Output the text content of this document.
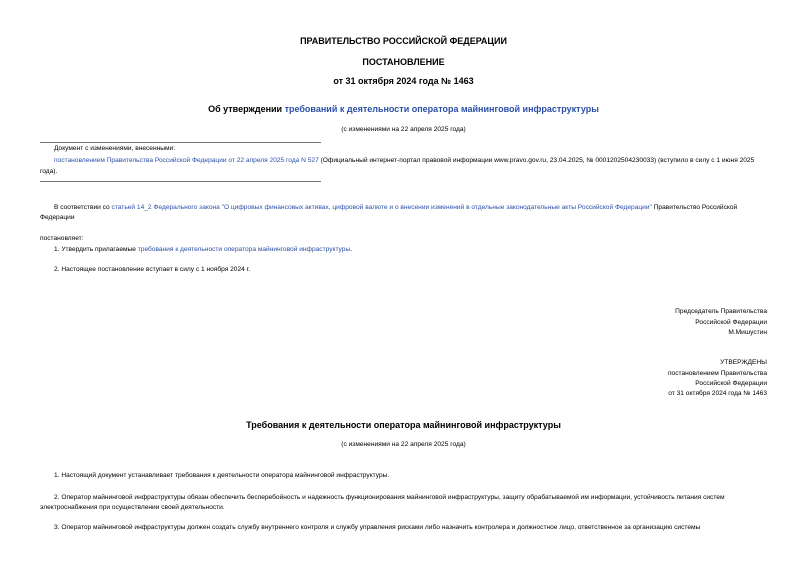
ПРАВИТЕЛЬСТВО РОССИЙСКОЙ ФЕДЕРАЦИИ
ПОСТАНОВЛЕНИЕ
от 31 октября 2024 года № 1463
Об утверждении требований к деятельности оператора майнинговой инфраструктуры
(с изменениями на 22 апреля 2025 года)
Документ с изменениями, внесенными:
постановлением Правительства Российской Федерации от 22 апреля 2025 года N 527 (Официальный интернет-портал правовой информации www.pravo.gov.ru, 23.04.2025, № 0001202504230033) (вступило в силу с 1 июня 2025 года).
В соответствии со статьей 14_2 Федерального закона "О цифровых финансовых активах, цифровой валюте и о внесении изменений в отдельные законодательные акты Российской Федерации" Правительство Российской Федерации
постановляет:
1. Утвердить прилагаемые требования к деятельности оператора майнинговой инфраструктуры.
2. Настоящее постановление вступает в силу с 1 ноября 2024 г.
Председатель Правительства
Российской Федерации
М.Мишустин
УТВЕРЖДЕНЫ
постановлением Правительства
Российской Федерации
от 31 октября 2024 года № 1463
Требования к деятельности оператора майнинговой инфраструктуры
(с изменениями на 22 апреля 2025 года)
1. Настоящий документ устанавливает требования к деятельности оператора майнинговой инфраструктуры.
2. Оператор майнинговой инфраструктуры обязан обеспечить бесперебойность и надежность функционирования майнинговой инфраструктуры, защиту обрабатываемой им информации, устойчивость питания систем электроснабжения при осуществлении своей деятельности.
3. Оператор майнинговой инфраструктуры должен создать службу внутреннего контроля и службу управления рисками либо назначить контролера и должностное лицо, ответственное за организацию системы
